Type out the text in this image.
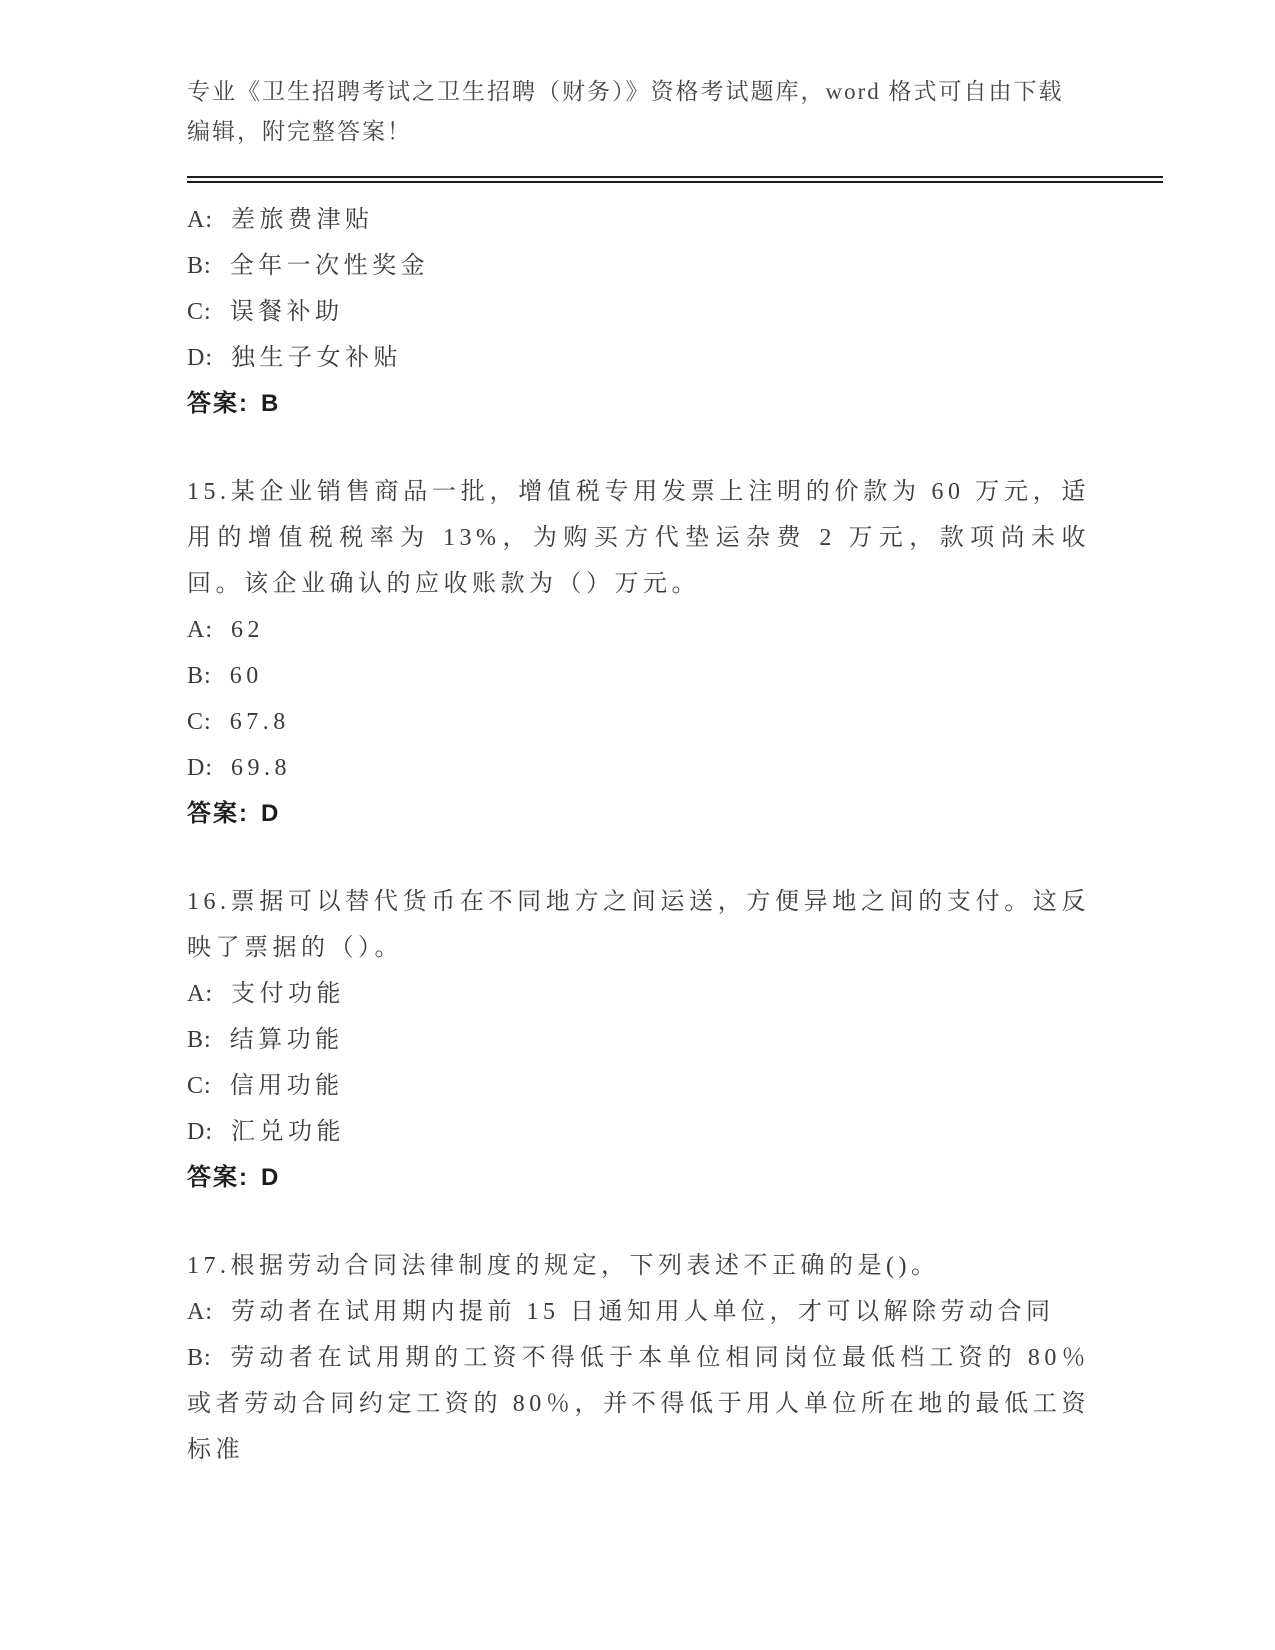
专业《卫生招聘考试之卫生招聘（财务）》资格考试题库，word 格式可自由下载编辑，附完整答案！
A: 差旅费津贴
B: 全年一次性奖金
C: 误餐补助
D: 独生子女补贴
答案: B

15.某企业销售商品一批，增值税专用发票上注明的价款为 60 万元，适用的增值税税率为 13%，为购买方代垫运杂费 2 万元，款项尚未收回。该企业确认的应收账款为（）万元。

A: 62
B: 60
C: 67.8
D: 69.8
答案: D

16.票据可以替代货币在不同地方之间运送，方便异地之间的支付。这反映了票据的（）。

A: 支付功能
B: 结算功能
C: 信用功能
D: 汇兑功能
答案: D

17.根据劳动合同法律制度的规定，下列表述不正确的是()。

A: 劳动者在试用期内提前 15 日通知用人单位，才可以解除劳动合同
B: 劳动者在试用期的工资不得低于本单位相同岗位最低档工资的 80％或者劳动合同约定工资的 80％，并不得低于用人单位所在地的最低工资标准
